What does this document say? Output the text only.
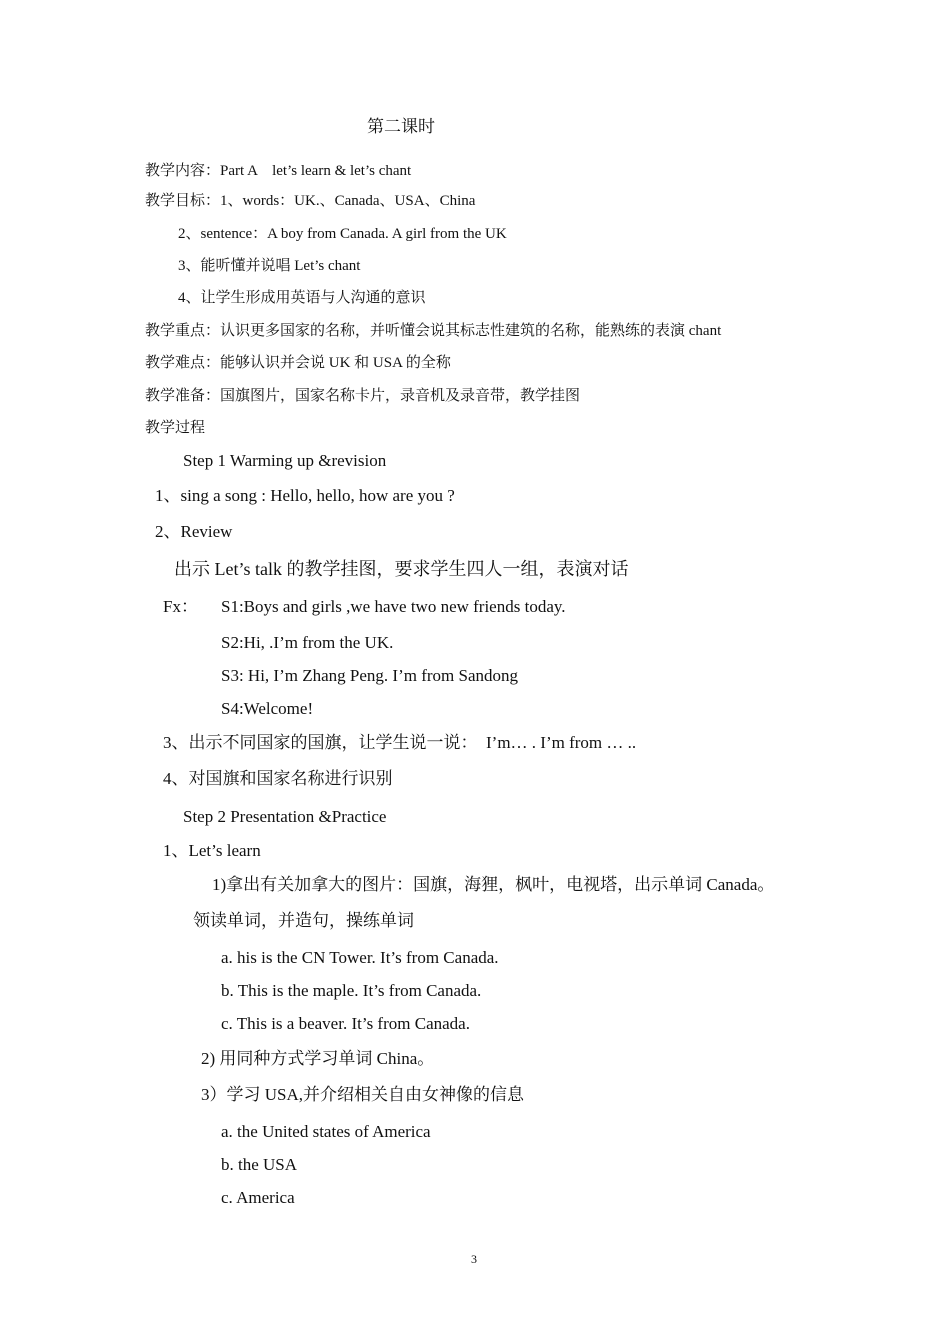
第二课时
教学内容：Part A　let’s learn & let’s chant
教学目标：1、words：UK.、Canada、USA、China
2、sentence：A boy from Canada. A girl from the UK
3、能听懂并说唱 Let’s chant
4、让学生形成用英语与人沟通的意识
教学重点：认识更多国家的名称，并听懂会说其标志性建筑的名称，能熟练的表演 chant
教学难点：能够认识并会说 UK 和 USA 的全称
教学准备：国旗图片，国家名称卡片，录音机及录音带，教学挂图
教学过程
Step 1 Warming up &revision
1、sing a song : Hello, hello, how are you ?
2、Review
出示 Let’s talk 的教学挂图，要求学生四人一组，表演对话
Fx： S1:Boys and girls ,we have two new friends today.
S2:Hi, .I’m from the UK.
S3: Hi, I’m Zhang Peng. I’m from Sandong
S4:Welcome!
3、出示不同国家的国旗，让学生说一说：　I’m… . I’m from … ..
4、对国旗和国家名称进行识别
Step 2 Presentation &Practice
1、Let’s learn
1)拿出有关加拿大的图片：国旗，海狸，枫叶，电视塔，出示单词 Canada。
领读单词，并造句，操练单词
a. his is the CN Tower. It’s from Canada.
b. This is the maple. It’s from Canada.
c. This is a beaver. It’s from Canada.
2) 用同种方式学习单词 China。
3）学习 USA,并介绍相关自由女神像的信息
a. the United states of America
b. the USA
c. America
3
